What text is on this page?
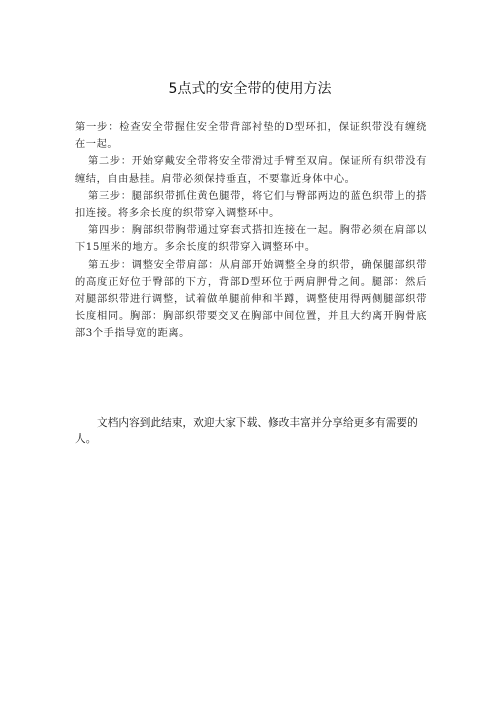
5点式的安全带的使用方法

第一步：检查安全带握住安全带背部衬垫的D型环扣，保证织带没有缠绕在一起。

第二步：开始穿戴安全带将安全带滑过手臂至双肩。保证所有织带没有缠结，自由悬挂。肩带必须保持垂直，不要靠近身体中心。

第三步：腿部织带抓住黄色腿带，将它们与臀部两边的蓝色织带上的搭扣连接。将多余长度的织带穿入调整环中。

第四步：胸部织带胸带通过穿套式搭扣连接在一起。胸带必须在肩部以下15厘米的地方。多余长度的织带穿入调整环中。

第五步：调整安全带肩部：从肩部开始调整全身的织带，确保腿部织带的高度正好位于臀部的下方，背部D型环位于两肩胛骨之间。腿部：然后对腿部织带进行调整，试着做单腿前伸和半蹲，调整使用得两侧腿部织带长度相同。胸部：胸部织带要交叉在胸部中间位置，并且大约离开胸骨底部3个手指导宽的距离。

文档内容到此结束，欢迎大家下载、修改丰富并分享给更多有需要的人。
